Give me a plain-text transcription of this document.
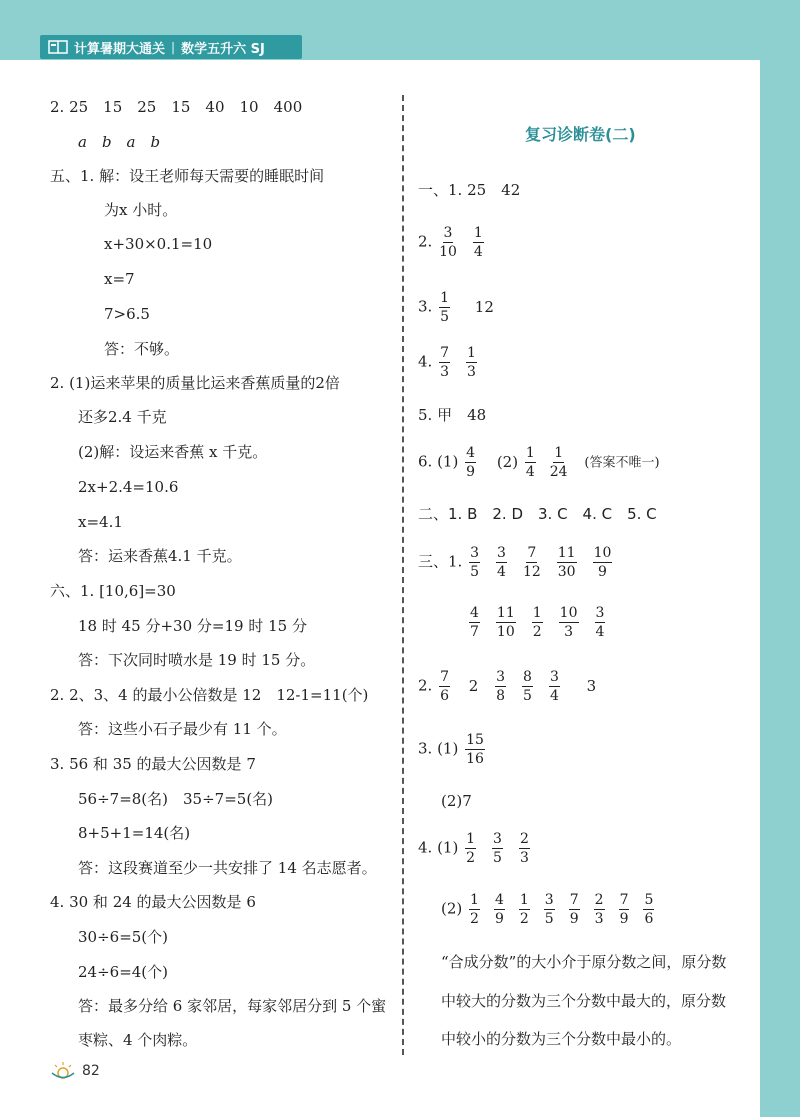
计算暑期大通关 | 数学五升六 SJ
2. 25　15　25　15　40　10　400
a　b　a　b
五、1. 解：设王老师每天需要的睡眠时间
为x 小时。
x+30×0.1=10
x=7
7>6.5
答：不够。
2. (1)运来苹果的质量比运来香蕉质量的2倍
还多2.4 千克
(2)解：设运来香蕉 x 千克。
2x+2.4=10.6
x=4.1
答：运来香蕉4.1 千克。
六、1. [10,6]=30
18 时 45 分+30 分=19 时 15 分
答：下次同时喷水是 19 时 15 分。
2. 2、3、4 的最小公倍数是 12　12-1=11(个)
答：这些小石子最少有 11 个。
3. 56 和 35 的最大公因数是 7
56÷7=8(名)　35÷7=5(名)
8+5+1=14(名)
答：这段赛道至少一共安排了 14 名志愿者。
4. 30 和 24 的最大公因数是 6
30÷6=5(个)
24÷6=4(个)
答：最多分给 6 家邻居，每家邻居分到 5 个蜜
枣粽、4 个肉粽。
复习诊断卷(二)
一、1. 25　42
2. $\frac{3}{10} \frac{1}{4}$
3. $\frac{1}{5} 12$
4. $\frac{7}{3} \frac{1}{3}$
5. 甲　48
6. $(1) \frac{4}{9} (2) \frac{1}{4} \frac{1}{24}$ (答案不唯一)
二、1. B　2. D　3. C　4. C　5. C
三、1. $\frac{3}{5} \frac{3}{4} \frac{7}{12} \frac{11}{30} \frac{10}{9}$
$\frac{4}{7} \frac{11}{10} \frac{1}{2} \frac{10}{3} \frac{3}{4}$
2. $\frac{7}{6} 2 \frac{3}{8} \frac{8}{5} \frac{3}{4} 3$
3. $(1) \frac{15}{16}$
(2)7
4. $(1) \frac{1}{2} \frac{3}{5} \frac{2}{3}$
$(2) \frac{1}{2} \frac{4}{9} \frac{1}{2} \frac{3}{5} \frac{7}{9} \frac{2}{3} \frac{7}{9} \frac{5}{6}$
“合成分数”的大小介于原分数之间，原分数
中较大的分数为三个分数中最大的，原分数
中较小的分数为三个分数中最小的。
82
